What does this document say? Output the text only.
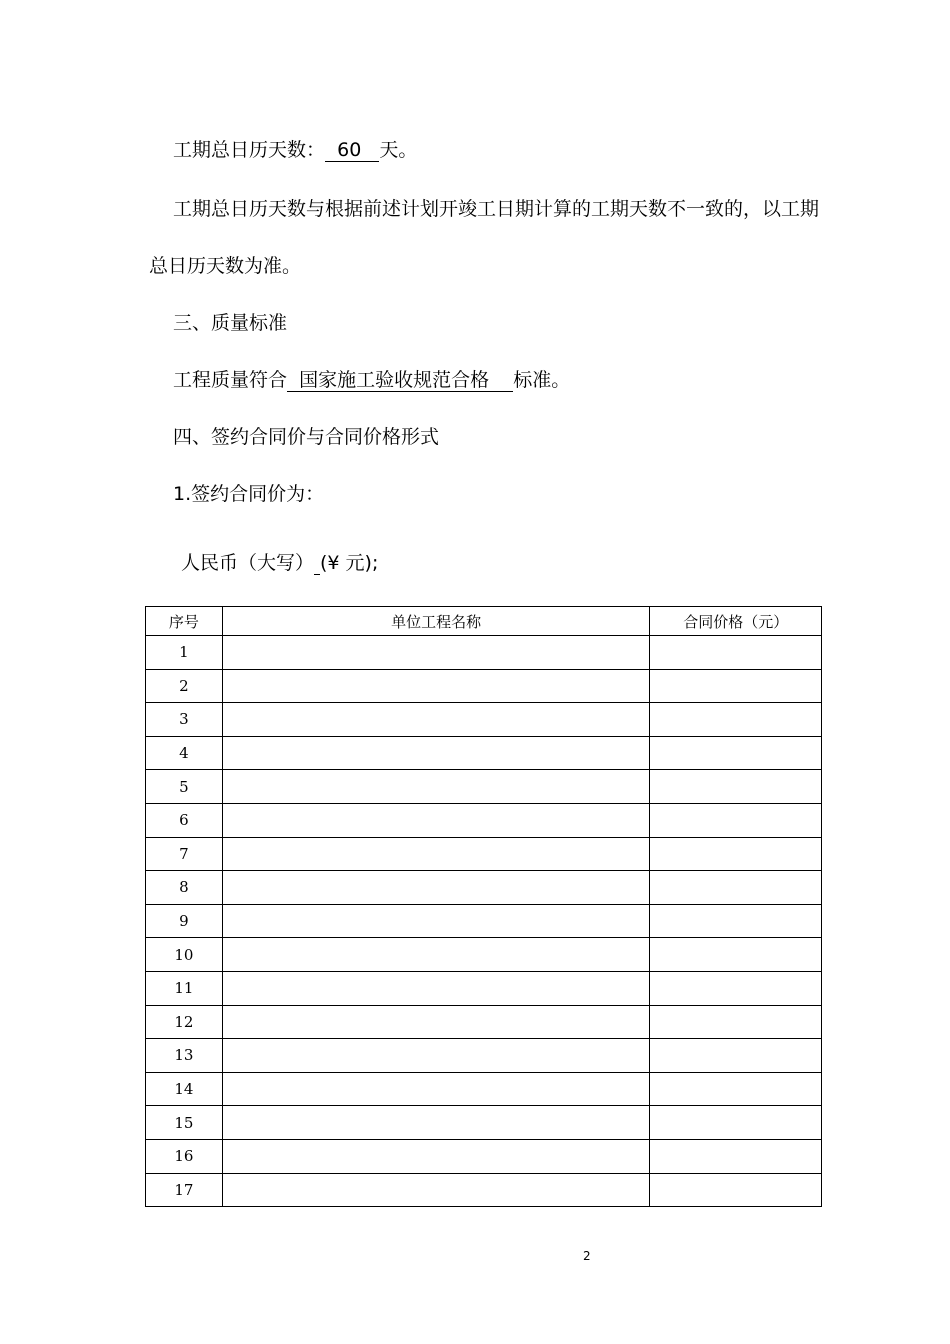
工期总日历天数： 60 天。
工期总日历天数与根据前述计划开竣工日期计算的工期天数不一致的，以工期
总日历天数为准。
三、质量标准
工程质量符合 国家施工验收规范合格 标准。
四、签约合同价与合同价格形式
1.签约合同价为：
人民币（大写） (¥ 元);
序号	单位工程名称	合同价格（元）
1		
2		
3		
4		
5		
6		
7		
8		
9		
10		
11		
12		
13		
14		
15		
16		
17		
2
